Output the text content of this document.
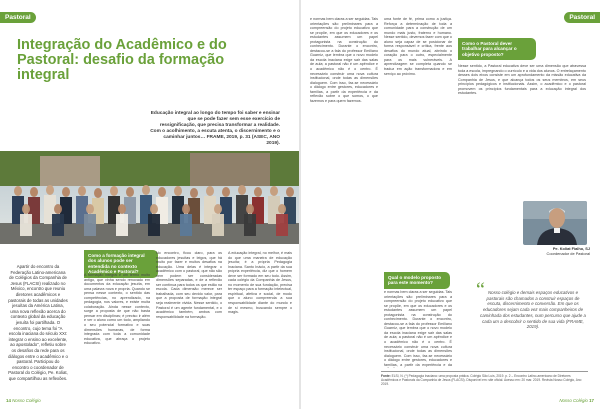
Pastoral
Integração do Acadêmico e do Pastoral: desafio da formação integral
Educação integral ao longo do tempo foi saber e ensinar que se pode fazer sem esse exercício de ressignificação, que precisa transformar a realidade. Com o acolhimento, a escuta atenta, o discernimento e o caminhar juntos… FRAME, 2019, p. 31 (ASEC, ANO 2019).
Apartir do encontro da Federação Latino-americana de Colégios da Companhia de Jesus (FLACSI) realizado no México, encontro que reuniu diretores acadêmicos e pastorais de todas as unidades jesuítas da América Latina, uma nova reflexão acerca do contexto global da educação jesuíta foi partilhada. O encontro, cujo tema foi “A escola inaciana do século XXI: integrar o ensino ao excelente, ao apostolado”, refletiu sobre os desafios da rede para os diálogos entre o acadêmico e o pastoral. Participou do encontro o coordenador de Pastoral do Colégio, Pe. Koliat, que compartilhou as reflexões.
Como a formação integral dos alunos pode ser entendida no contexto Acadêmico e Pastoral?

A formação integral é um termo muito antigo, que vinha sendo renovado em documentos da educação jesuíta, em uma palavra nova e propria. Quando se pensa nesse contexto, o sentido das competências, no aprendizado, na pedagogia, nos valores, e existe muita colaboração. Ainda nesse contexto, surge a proposta de que não basta pensar em disciplinas; é preciso ir além e ver o aluno como um todo, ampliando o seu potencial formativo e suas dimensões humanas, de forma integrada com toda a comunidade educativa, que abraça o projeto educativo.

No encontro, ficou claro, para os educadores jesuítas e leigos, que há muito por fazer e muitos desafios na educação. Uma delas é integrar o acadêmico com o pastoral, que não são nem podem ser consideradas dimensões separadas, e de a reflexão ser contínua para todos os que estão na escola. Cada dimensão merece ser trabalhada, com seu devido valor, para que a proposta de formação integral seja realmente vivida. Nesse sentido, o Pastoral é um agente fundamental, e o acadêmico também, ambos com responsabilidade na formação.

A educação integral, no melhor, é mais do que uma maneira de educação jesuíta; é a própria Pedagogia Inaciana. Santo Inácio, a partir da sua própria experiência, diz que o homem deve ser formado em seu todo. Assim, cada colégio da Companhia de Jesus, no momento de sua fundação, precisa ter espaço para a formação intelectual, espiritual, afetiva e social, de modo que o aluno compreenda a sua responsabilidade diante do mundo e de si mesmo, buscando sempre o magis.

14 Nosso Colégio
Pastoral

e normas bem claras a ser seguidas. Tais orientações são preliminares para a compreensão do projeto educativo que se propõe, em que os educadores e os estudantes assumem um papel protagonista na construção do conhecimento. Durante o encontro, destacou-se a fala do professor Emiliano Guarniz, que lembra que o novo modelo da escola inaciana exige sair das salas de aula; a pastoral não é um apêndice e o acadêmico não é o centro. É necessário construir uma nova cultura institucional, onde todas as dimensões dialoguem. Com isso, faz-se necessário o diálogo entre gestores, educadores e famílias, a partir da experiência e da reflexão sobre o que somos, o que fazemos e para quem fazemos.

uma fonte de fé, prima como a justiça. Reforça a determinação de toda a comunidade para a construção de um mundo mais justo, fraterno e humano. Nesse sentido, devemos fazer com que o aluno seja capaz de se posicionar de forma responsável e crítica, frente aos desafios do mundo atual, abrindo o coração para o outro, especialmente para os mais vulneráveis. A aprendizagem se completa quando se traduz em ação transformadora e em serviço ao próximo.

Qual o modelo proposto para este momento?

e normas bem claras a ser seguidas. Tais orientações são preliminares para a compreensão do projeto educativo que se propõe, em que os educadores e os estudantes assumem um papel protagonista na construção do conhecimento. Durante o encontro, destacou-se a fala do professor Emiliano Guarniz, que lembra que o novo modelo da escola inaciana exige sair das salas de aula; a pastoral não é um apêndice e o acadêmico não é o centro. É necessário construir uma nova cultura institucional, onde todas as dimensões dialoguem. Com isso, faz-se necessário o diálogo entre gestores, educadores e famílias, a partir da experiência e da

Como o Pastoral dever trabalhar para alcançar o objetivo proposto?

Nesse sentido, a Pastoral educativa deve ser uma dimensão que atravessa toda a escola, impregnando o currículo e a vida dos alunos. O entrelaçamento desses dois eixos consiste em um aprofundamento da missão educativa da Companhia de Jesus, e que alcança todos os seus membros, em seus princípios pedagógicos e institucionais. Assim, o acadêmico e o pastoral promovem os princípios fundamentais para a educação integral dos estudantes.

Fonte: ELSI, N. (*) Pedagogia Inaciana: uma proposta prática. Colégio São Luís, 2019. p. 2 – Encontro Latino-americano de Diretores Acadêmicos e Pastorais da Companhia de Jesus (FLACSI). Disponível em: site oficial. Acesso em: 20 mar. 2019. Revista Nosso Colégio, Ano 2019.
Nosso Colégio 17
Pe. Koliat Fialho, SJ
Coordenador de Pastoral
“ Nosso colégio e demais espaços educativos e pastorais são chamados a construir espaços de escuta, discernimento e conversão. Em que os educadores sejam cada vez mais companheiros de caminhada dos estudantes, num percurso que ajude a cada um a descobrir o sentido de sua vida (FRAME, 2019).
